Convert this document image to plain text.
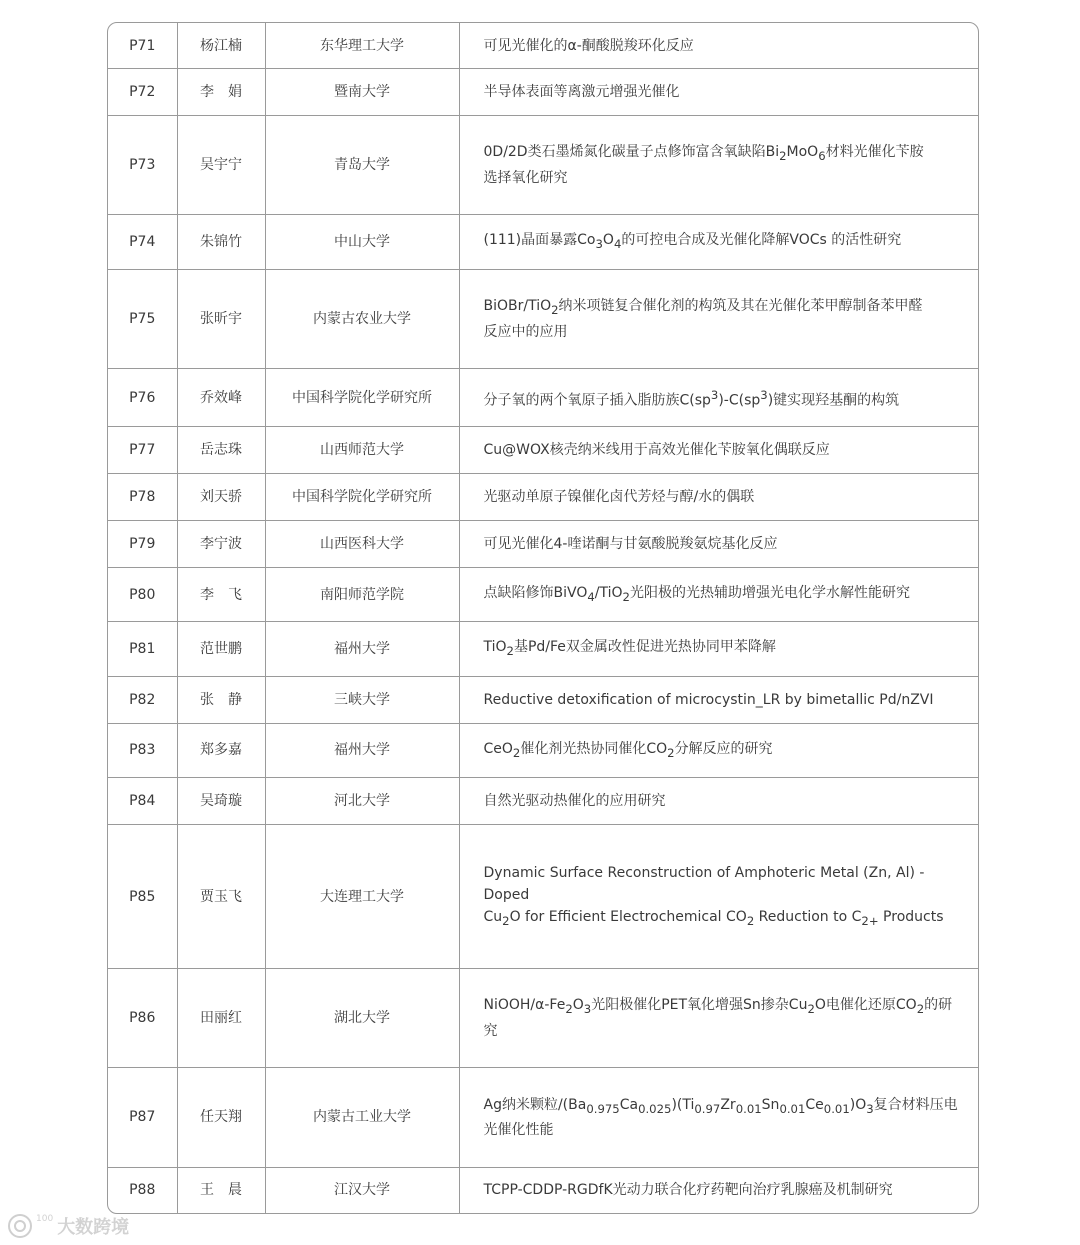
P71	杨江楠	东华理工大学	可见光催化的α-酮酸脱羧环化反应
P72	李　娟	暨南大学	半导体表面等离激元增强光催化
P73	吴宇宁	青岛大学	0D/2D类石墨烯氮化碳量子点修饰富含氧缺陷$Bi_2MoO_6$材料光催化苄胺
选择氧化研究
P74	朱锦竹	中山大学	(111)晶面暴露$Co_3O_4$的可控电合成及光催化降解VOCs 的活性研究
P75	张昕宇	内蒙古农业大学	BiOBr/TiO$_2$纳米项链复合催化剂的构筑及其在光催化苯甲醇制备苯甲醛
反应中的应用
P76	乔效峰	中国科学院化学研究所	分子氧的两个氧原子插入脂肪族$C(sp^3)-C(sp^3)$键实现羟基酮的构筑
P77	岳志珠	山西师范大学	Cu@WOX核壳纳米线用于高效光催化苄胺氧化偶联反应
P78	刘天骄	中国科学院化学研究所	光驱动单原子镍催化卤代芳烃与醇/水的偶联
P79	李宁波	山西医科大学	可见光催化4-喹诺酮与甘氨酸脱羧氨烷基化反应
P80	李　飞	南阳师范学院	点缺陷修饰BiVO$_4$/TiO$_2$光阳极的光热辅助增强光电化学水解性能研究
P81	范世鹏	福州大学	TiO$_2$基Pd/Fe双金属改性促进光热协同甲苯降解
P82	张　静	三峡大学	Reductive detoxification of microcystin_LR by bimetallic Pd/nZVI
P83	郑多嘉	福州大学	CeO$_2$催化剂光热协同催化$CO_2$分解反应的研究
P84	吴琦璇	河北大学	自然光驱动热催化的应用研究
P85	贾玉飞	大连理工大学	Dynamic Surface Reconstruction of Amphoteric Metal (Zn, Al) -Doped
$Cu_2O$ for Efficient Electrochemical $CO_2$ Reduction to $C_{2+}$ Products
P86	田丽红	湖北大学	NiOOH/$\alpha-Fe_2O_3$光阳极催化PET氧化增强Sn掺杂$Cu_2O$电催化还原$CO_2$的研究
P87	任天翔	内蒙古工业大学	Ag纳米颗粒$/(Ba_{0.975}Ca_{0.025})(Ti_{0.97}Zr_{0.01}Sn_{0.01}Ce_{0.01})O_3$复合材料压电光催化性能
P88	王　晨	江汉大学	TCPP-CDDP-RGDfK光动力联合化疗药靶向治疗乳腺癌及机制研究
100 大数跨境
